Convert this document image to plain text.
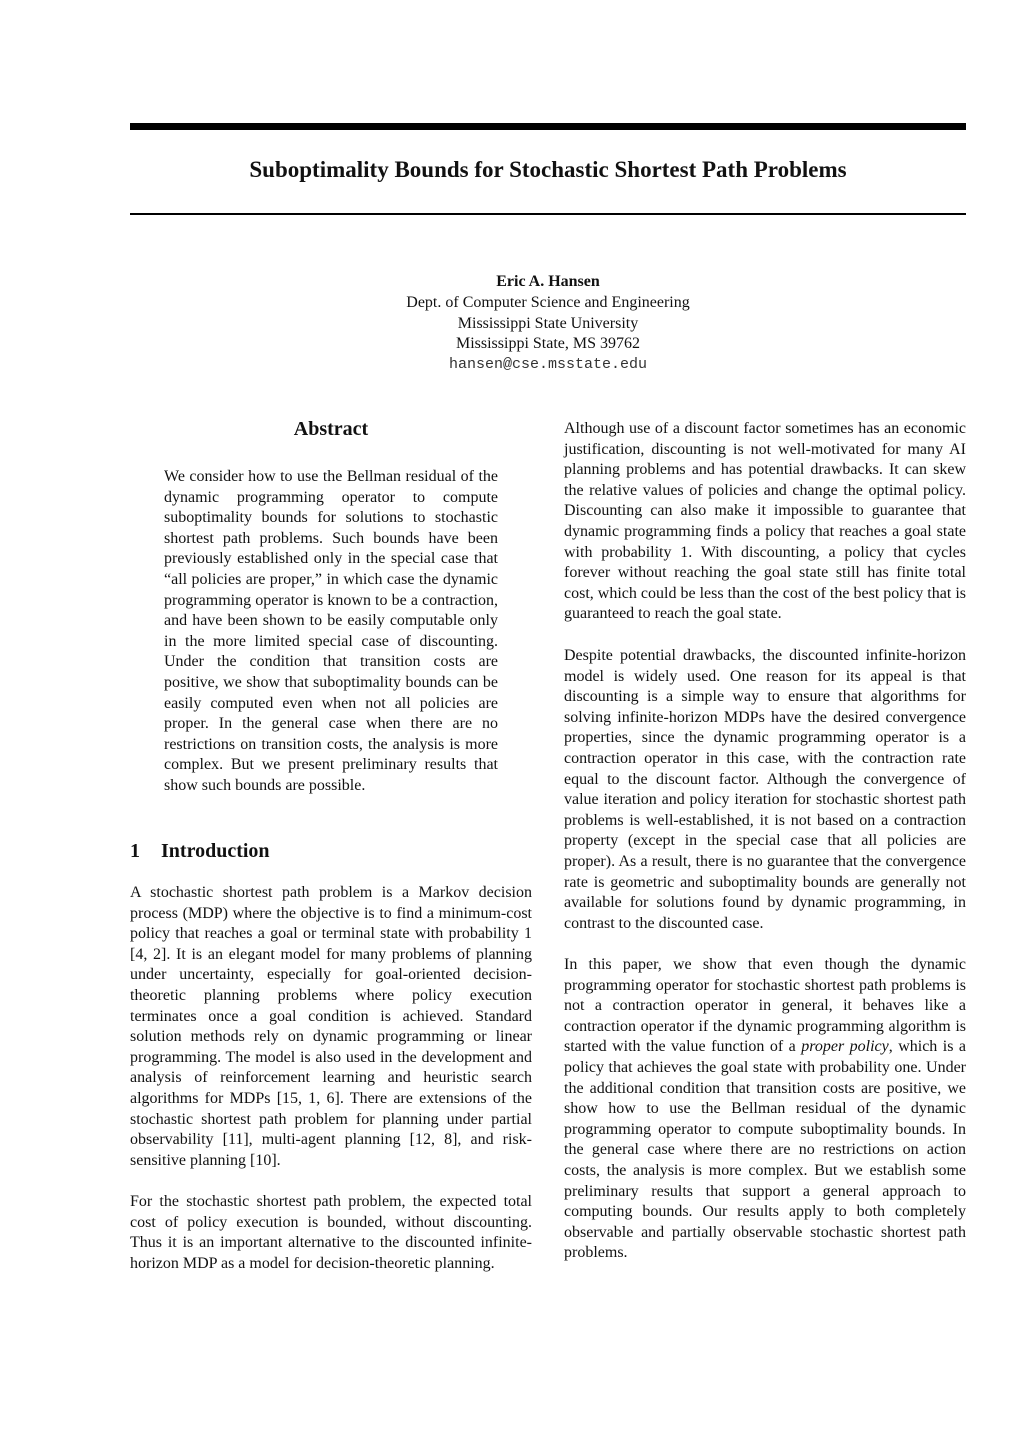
Suboptimality Bounds for Stochastic Shortest Path Problems
Eric A. Hansen
Dept. of Computer Science and Engineering
Mississippi State University
Mississippi State, MS 39762
hansen@cse.msstate.edu
Abstract

We consider how to use the Bellman residual of the dynamic programming operator to compute suboptimality bounds for solutions to stochastic shortest path problems. Such bounds have been previously established only in the special case that “all policies are proper,” in which case the dynamic programming operator is known to be a contraction, and have been shown to be easily computable only in the more limited special case of discounting. Under the condition that transition costs are positive, we show that suboptimality bounds can be easily computed even when not all policies are proper. In the general case when there are no restrictions on transition costs, the analysis is more complex. But we present preliminary results that show such bounds are possible.

1 Introduction

A stochastic shortest path problem is a Markov decision process (MDP) where the objective is to find a minimum-cost policy that reaches a goal or terminal state with probability 1 [4, 2]. It is an elegant model for many problems of planning under uncertainty, especially for goal-oriented decision-theoretic planning problems where policy execution terminates once a goal condition is achieved. Standard solution methods rely on dynamic programming or linear programming. The model is also used in the development and analysis of reinforcement learning and heuristic search algorithms for MDPs [15, 1, 6]. There are extensions of the stochastic shortest path problem for planning under partial observability [11], multi-agent planning [12, 8], and risk-sensitive planning [10].

For the stochastic shortest path problem, the expected total cost of policy execution is bounded, without discounting. Thus it is an important alternative to the discounted infinite-horizon MDP as a model for decision-theoretic planning.

Although use of a discount factor sometimes has an economic justification, discounting is not well-motivated for many AI planning problems and has potential drawbacks. It can skew the relative values of policies and change the optimal policy. Discounting can also make it impossible to guarantee that dynamic programming finds a policy that reaches a goal state with probability 1. With discounting, a policy that cycles forever without reaching the goal state still has finite total cost, which could be less than the cost of the best policy that is guaranteed to reach the goal state.

Despite potential drawbacks, the discounted infinite-horizon model is widely used. One reason for its appeal is that discounting is a simple way to ensure that algorithms for solving infinite-horizon MDPs have the desired convergence properties, since the dynamic programming operator is a contraction operator in this case, with the contraction rate equal to the discount factor. Although the convergence of value iteration and policy iteration for stochastic shortest path problems is well-established, it is not based on a contraction property (except in the special case that all policies are proper). As a result, there is no guarantee that the convergence rate is geometric and suboptimality bounds are generally not available for solutions found by dynamic programming, in contrast to the discounted case.

In this paper, we show that even though the dynamic programming operator for stochastic shortest path problems is not a contraction operator in general, it behaves like a contraction operator if the dynamic programming algorithm is started with the value function of a proper policy, which is a policy that achieves the goal state with probability one. Under the additional condition that transition costs are positive, we show how to use the Bellman residual of the dynamic programming operator to compute suboptimality bounds. In the general case where there are no restrictions on action costs, the analysis is more complex. But we establish some preliminary results that support a general approach to computing bounds. Our results apply to both completely observable and partially observable stochastic shortest path problems.
